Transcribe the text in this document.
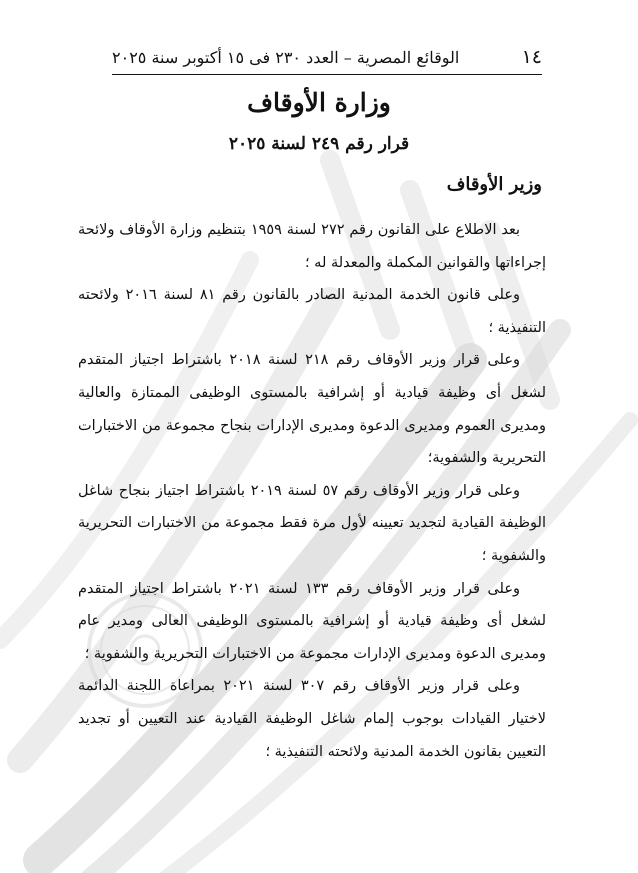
١٤
الوقائع المصرية – العدد ٢٣٠ فى ١٥ أكتوبر سنة ٢٠٢٥
وزارة الأوقاف
قرار رقم ٢٤٩ لسنة ٢٠٢٥
وزير الأوقاف

بعد الاطلاع على القانون رقم ٢٧٢ لسنة ١٩٥٩ بتنظيم وزارة الأوقاف ولائحة إجراءاتها والقوانين المكملة والمعدلة له ؛

وعلى قانون الخدمة المدنية الصادر بالقانون رقم ٨١ لسنة ٢٠١٦ ولائحته التنفيذية ؛

وعلى قرار وزير الأوقاف رقم ٢١٨ لسنة ٢٠١٨ باشتراط اجتياز المتقدم لشغل أى وظيفة قيادية أو إشرافية بالمستوى الوظيفى الممتازة والعالية ومديرى العموم ومديرى الدعوة ومديرى الإدارات بنجاح مجموعة من الاختبارات التحريرية والشفوية؛

وعلى قرار وزير الأوقاف رقم ٥٧ لسنة ٢٠١٩ باشتراط اجتياز بنجاح شاغل الوظيفة القيادية لتجديد تعيينه لأول مرة فقط مجموعة من الاختبارات التحريرية والشفوية ؛

وعلى قرار وزير الأوقاف رقم ١٣٣ لسنة ٢٠٢١ باشتراط اجتياز المتقدم لشغل أى وظيفة قيادية أو إشرافية بالمستوى الوظيفى العالى ومدير عام ومديرى الدعوة ومديرى الإدارات مجموعة من الاختبارات التحريرية والشفوية ؛

وعلى قرار وزير الأوقاف رقم ٣٠٧ لسنة ٢٠٢١ بمراعاة اللجنة الدائمة لاختيار القيادات بوجوب إلمام شاغل الوظيفة القيادية عند التعيين أو تجديد التعيين بقانون الخدمة المدنية ولائحته التنفيذية ؛
